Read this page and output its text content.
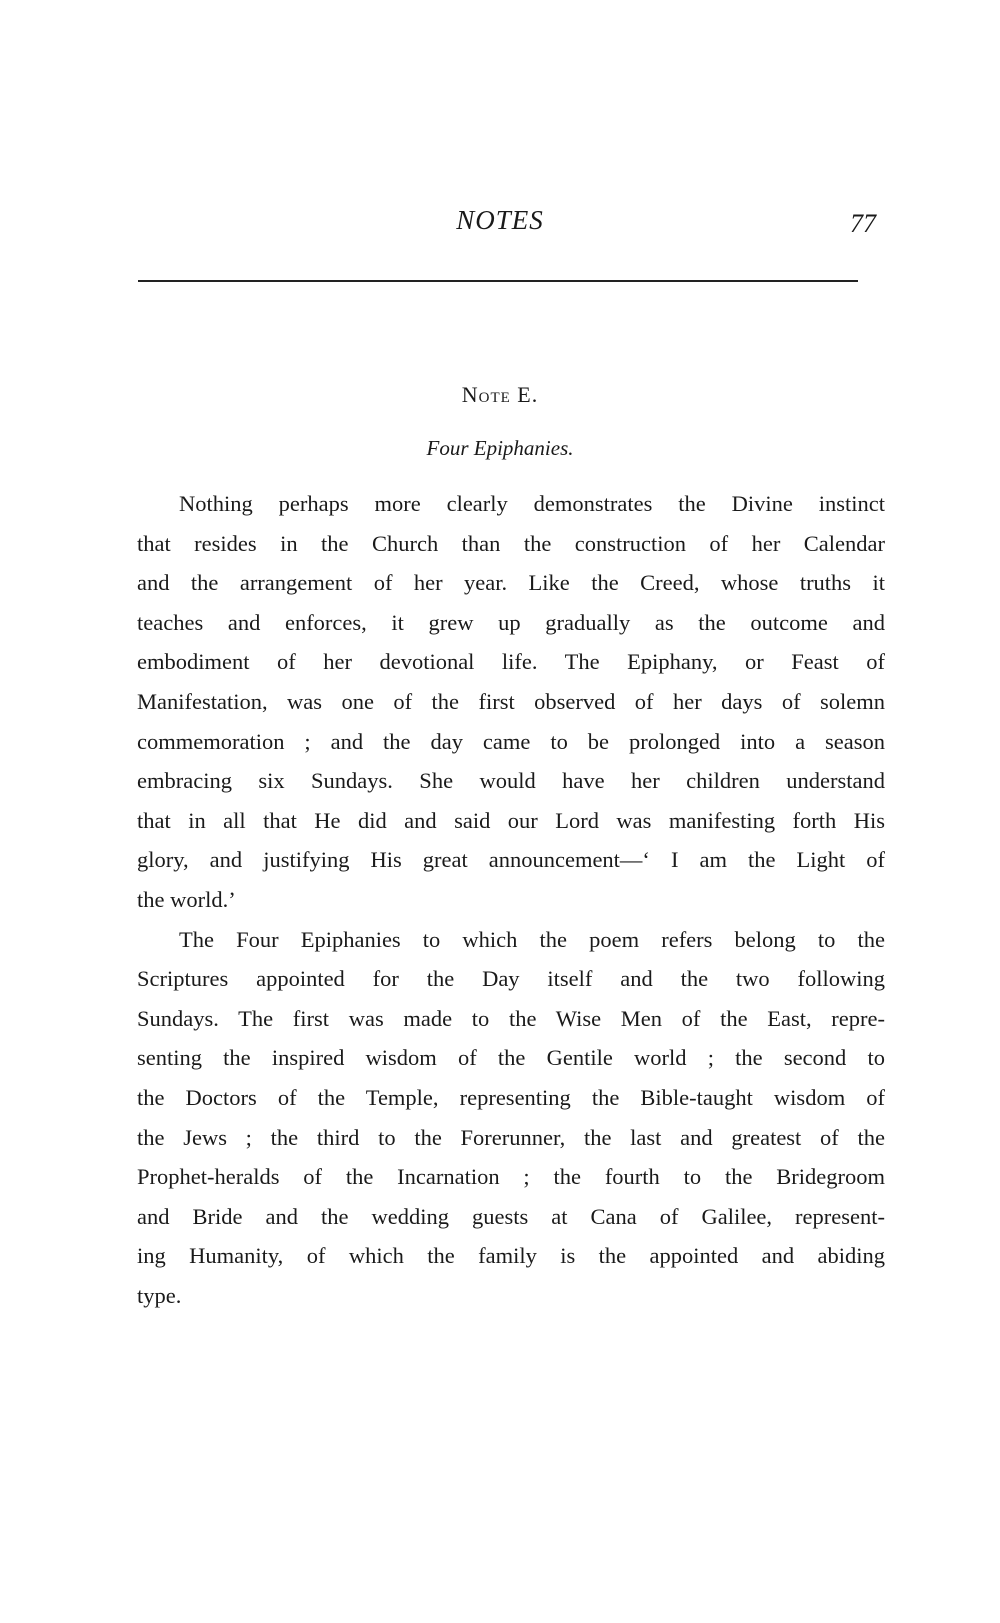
NOTES	77
Note E.
Four Epiphanies.
Nothing perhaps more clearly demonstrates the Divine instinct
that resides in the Church than the construction of her Calendar
and the arrangement of her year. Like the Creed, whose truths it
teaches and enforces, it grew up gradually as the outcome and
embodiment of her devotional life. The Epiphany, or Feast of
Manifestation, was one of the first observed of her days of solemn
commemoration ; and the day came to be prolonged into a season
embracing six Sundays. She would have her children understand
that in all that He did and said our Lord was manifesting forth His
glory, and justifying His great announcement—‘ I am the Light of
the world.’
The Four Epiphanies to which the poem refers belong to the
Scriptures appointed for the Day itself and the two following
Sundays. The first was made to the Wise Men of the East, repre-
senting the inspired wisdom of the Gentile world ; the second to
the Doctors of the Temple, representing the Bible-taught wisdom of
the Jews ; the third to the Forerunner, the last and greatest of the
Prophet-heralds of the Incarnation ; the fourth to the Bridegroom
and Bride and the wedding guests at Cana of Galilee, represent-
ing Humanity, of which the family is the appointed and abiding
type.
